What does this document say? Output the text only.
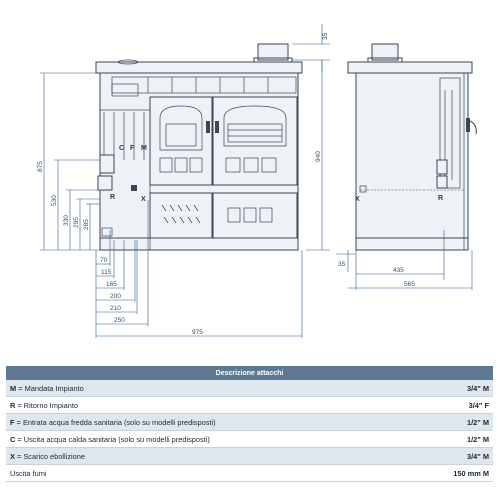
C F M
R	X
35
940
875
530
330 295 285
70
115
165
200
210
250
975
R
X
35
435
565
Descrizione attacchi	
M = Mandata Impianto	3/4" M
R = Ritorno Impianto	3/4" F
F = Entrata acqua fredda sanitaria (solo su modelli predisposti)	1/2" M
C = Uscita acqua calda sanitaria (solo su modelli predisposti)	1/2" M
X = Scarico ebollizione	3/4" M
Uscita fumi	150 mm M
